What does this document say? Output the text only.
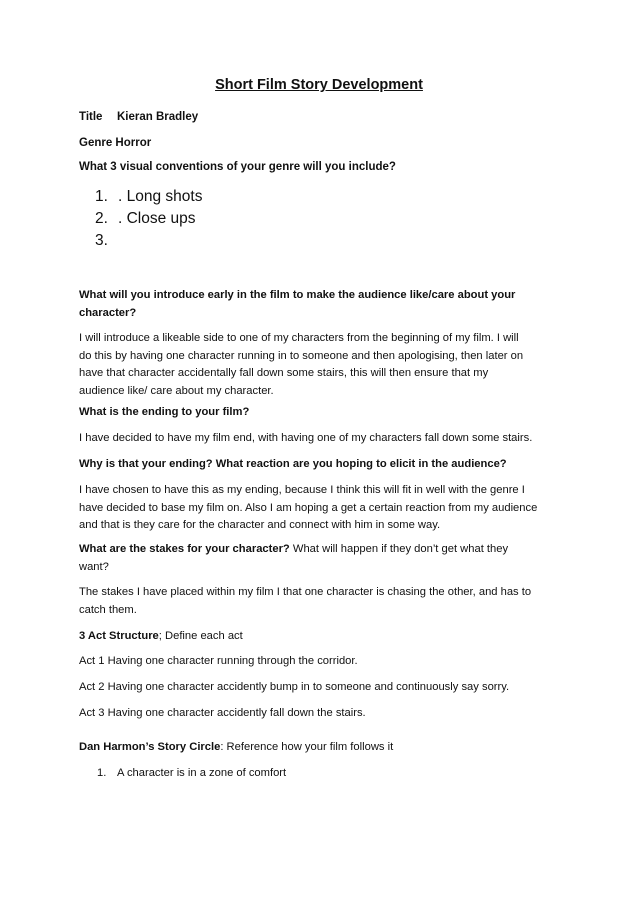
Short Film Story Development
Title Kieran Bradley
Genre Horror
What 3 visual conventions of your genre will you include?
1. . Long shots
2. . Close ups
3.
What will you introduce early in the film to make the audience like/care about your
character?
I will introduce a likeable side to one of my characters from the beginning of my film. I will
do this by having one character running in to someone and then apologising, then later on
have that character accidentally fall down some stairs, this will then ensure that my
audience like/ care about my character.
What is the ending to your film?
I have decided to have my film end, with having one of my characters fall down some stairs.
Why is that your ending? What reaction are you hoping to elicit in the audience?
I have chosen to have this as my ending, because I think this will fit in well with the genre I
have decided to base my film on. Also I am hoping a get a certain reaction from my audience
and that is they care for the character and connect with him in some way.
What are the stakes for your character? What will happen if they don’t get what they
want?
The stakes I have placed within my film I that one character is chasing the other, and has to
catch them.
3 Act Structure; Define each act
Act 1 Having one character running through the corridor.
Act 2 Having one character accidently bump in to someone and continuously say sorry.
Act 3 Having one character accidently fall down the stairs.
Dan Harmon’s Story Circle: Reference how your film follows it
1. A character is in a zone of comfort
